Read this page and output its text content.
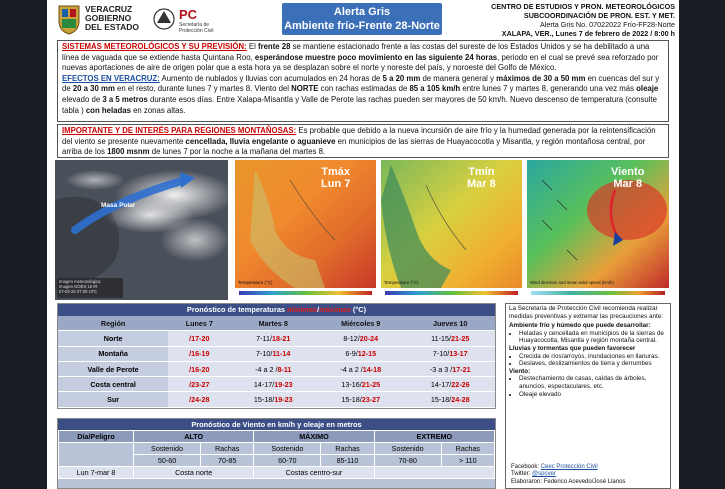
VERACRUZ
GOBIERNO
DEL ESTADO
PC
Secretaría de Protección Civil
Alerta Gris
Ambiente frío-Frente 28-Norte
CENTRO DE ESTUDIOS Y PRON. METEOROLÓGICOS
SUBCOORDINACIÓN DE PRON. EST. Y MET.
Alerta Gris No. 07022022 Frío-FF28-Norte
XALAPA, VER., Lunes 7 de febrero de 2022 / 8:00 h
SISTEMAS METEOROLÓGICOS Y SU PREVISIÓN: El frente 28 se mantiene estacionado frente a las costas del sureste de los Estados Unidos y se ha debilitado a una línea de vaguada que se extiende hasta Quintana Roo, esperándose muestre poco movimiento en las siguiente 24 horas, periodo en el cual se prevé sea reforzado por nuevas aportaciones de aire de origen polar que a esta hora ya se desplazan sobre el norte y noreste del país, y noroeste del Golfo de México.
EFECTOS EN VERACRUZ: Aumento de nublados y lluvias con acumulados en 24 horas de 5 a 20 mm de manera general y máximos de 30 a 50 mm en cuencas del sur y de 20 a 30 mm en el resto, durante lunes 7 y martes 8. Viento del NORTE con rachas estimadas de 85 a 105 km/h entre lunes 7 y martes 8, generando una vez más oleaje elevado de 3 a 5 metros durante esos días. Entre Xalapa-Misantla y Valle de Perote las rachas pueden ser mayores de 50 km/h. Nuevo descenso de temperatura (consulte tabla ) con heladas en zonas altas.
IMPORTANTE Y DE INTERÉS PARA REGIONES MONTAÑOSAS: Es probable que debido a la nueva incursión de aire frío y la humedad generada por la reintensificación del viento se presente nuevamente cencellada, lluvia engelante o aguanieve en municipios de las sierras de Huayacocotla y Misantla, y región montañosa central, por arriba de los 1800 msnm de lunes 7 por la noche a la mañana del martes 8.
Masa Polar
Imagen meteorológica
Imagen GOES 16 IR
07-02-22 07:00 UTC
Tmáx
Lun 7
Temperature (°C)
Tmín
Mar 8
Temperature (°C)
Viento
Mar 8
Wind direction and mean wind speed (km/h)
Pronóstico de temperaturas mínimas/máximas (°C)
Región	Lunes 7	Martes 8	Miércoles 9	Jueves 10
Norte	/17-20	7-11/18-21	8-12/20-24	11-15/21-25
Montaña	/16-19	7-10/11-14	6-9/12-15	7-10/13-17
Valle de Perote	/16-20	-4 a 2 /8-11	-4 a 2 /14-18	-3 a 3 /17-21
Costa central	/23-27	14-17/19-23	13-16/21-25	14-17/22-26
Sur	/24-28	15-18/19-23	15-18/23-27	15-18/24-28
Pronóstico de Viento en km/h y oleaje en metros
Día/Peligro	ALTO		MÁXIMO		EXTREMO	
	Sostenido	Rachas	Sostenido	Rachas	Sostenido	Rachas
	50-60	70-85	60-70	85-110	70-80	> 110
Lun 7-mar 8	Costa norte		Costas centro-sur			
La Secretaría de Protección Civil recomienda realizar medidas preventivas y extremar las precauciones ante:
Ambiente frío y húmedo que puede desarrollar:
• Heladas y cencellada en municipios de la sierras de Huayacocotla, Misantla y región montaña central.
Lluvias y tormentas que pueden favorecer
• Crecida de ríos/arroyos, inundaciones en llanuras.
• Deslaves, deslizamientos de tierra y derrumbes
Viento:
• Destechamiento de casas, caídas de árboles, anuncios, espectaculares, etc.
• Oleaje elevado
Facebook: Ceec Protección Civil
Twitter: @spcver
Elaboraron: Federico Acevedo/José Llanos
